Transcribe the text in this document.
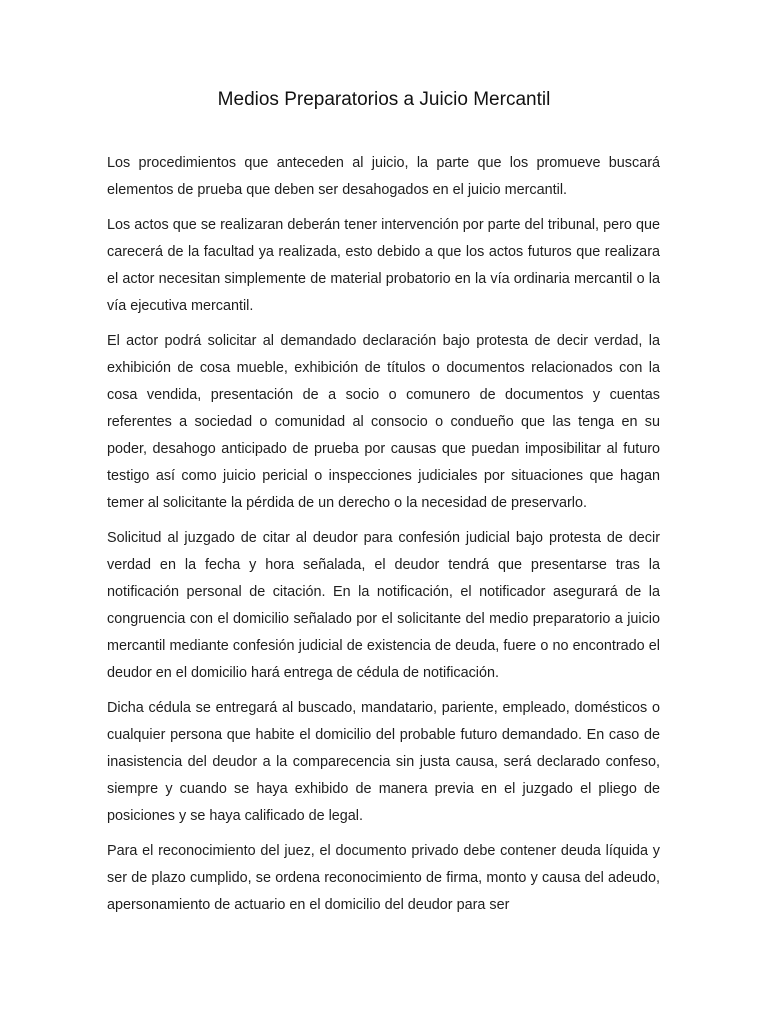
Medios Preparatorios a Juicio Mercantil

Los procedimientos que anteceden al juicio, la parte que los promueve buscará elementos de prueba que deben ser desahogados en el juicio mercantil.

Los actos que se realizaran deberán tener intervención por parte del tribunal, pero que carecerá de la facultad ya realizada, esto debido a que los actos futuros que realizara el actor necesitan simplemente de material probatorio en la vía ordinaria mercantil o la vía ejecutiva mercantil.

El actor podrá solicitar al demandado declaración bajo protesta de decir verdad, la exhibición de cosa mueble, exhibición de títulos o documentos relacionados con la cosa vendida, presentación de a socio o comunero de documentos y cuentas referentes a sociedad o comunidad al consocio o condueño que las tenga en su poder, desahogo anticipado de prueba por causas que puedan imposibilitar al futuro testigo así como juicio pericial o inspecciones judiciales por situaciones que hagan temer al solicitante la pérdida de un derecho o la necesidad de preservarlo.

Solicitud al juzgado de citar al deudor para confesión judicial bajo protesta de decir verdad en la fecha y hora señalada, el deudor tendrá que presentarse tras la notificación personal de citación. En la notificación, el notificador asegurará de la congruencia con el domicilio señalado por el solicitante del medio preparatorio a juicio mercantil mediante confesión judicial de existencia de deuda, fuere o no encontrado el deudor en el domicilio hará entrega de cédula de notificación.

Dicha cédula se entregará al buscado, mandatario, pariente, empleado, domésticos o cualquier persona que habite el domicilio del probable futuro demandado. En caso de inasistencia del deudor a la comparecencia sin justa causa, será declarado confeso, siempre y cuando se haya exhibido de manera previa en el juzgado el pliego de posiciones y se haya calificado de legal.

Para el reconocimiento del juez, el documento privado debe contener deuda líquida y ser de plazo cumplido, se ordena reconocimiento de firma, monto y causa del adeudo, apersonamiento de actuario en el domicilio del deudor para ser
